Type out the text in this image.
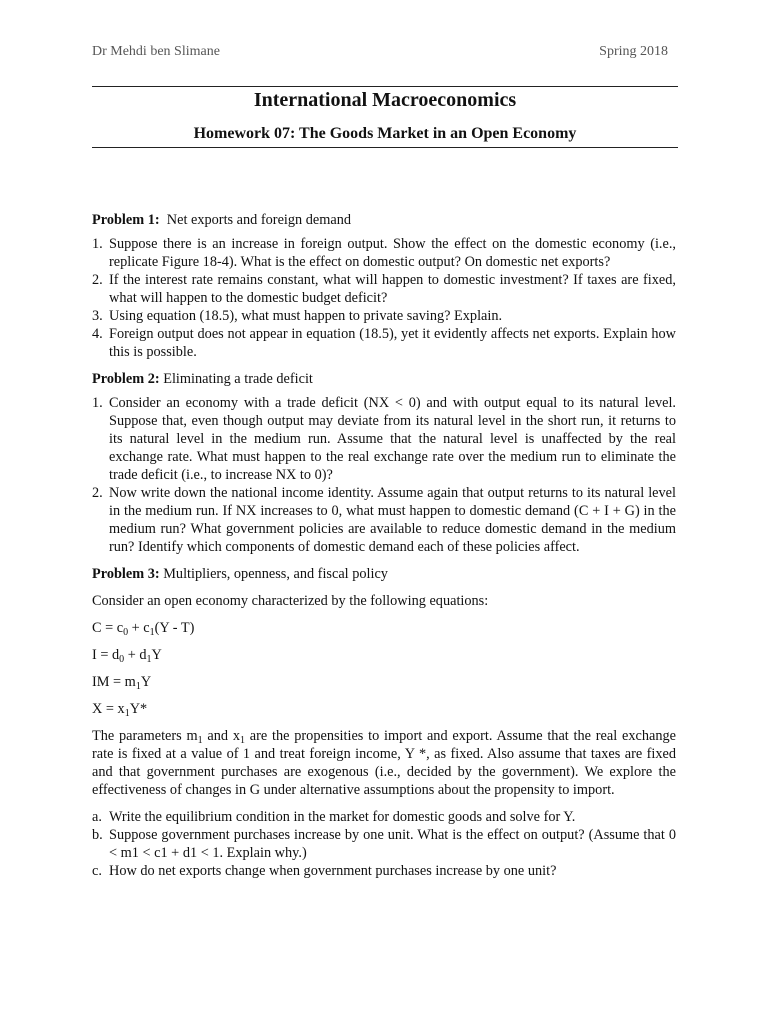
Dr Mehdi ben Slimane	Spring 2018
International Macroeconomics
Homework 07: The Goods Market in an Open Economy

Problem 1: Net exports and foreign demand

1. Suppose there is an increase in foreign output. Show the effect on the domestic economy (i.e., replicate Figure 18-4). What is the effect on domestic output? On domestic net exports?
2. If the interest rate remains constant, what will happen to domestic investment? If taxes are fixed, what will happen to the domestic budget deficit?
3. Using equation (18.5), what must happen to private saving? Explain.
4. Foreign output does not appear in equation (18.5), yet it evidently affects net exports. Explain how this is possible.

Problem 2: Eliminating a trade deficit

1. Consider an economy with a trade deficit (NX < 0) and with output equal to its natural level. Suppose that, even though output may deviate from its natural level in the short run, it returns to its natural level in the medium run. Assume that the natural level is unaffected by the real exchange rate. What must happen to the real exchange rate over the medium run to eliminate the trade deficit (i.e., to increase NX to 0)?
2. Now write down the national income identity. Assume again that output returns to its natural level in the medium run. If NX increases to 0, what must happen to domestic demand (C + I + G) in the medium run? What government policies are available to reduce domestic demand in the medium run? Identify which components of domestic demand each of these policies affect.

Problem 3: Multipliers, openness, and fiscal policy

Consider an open economy characterized by the following equations:

$C = c_0 + c_1(Y - T)$

$I = d_0 + d_1Y$

IM = $m_1Y$

$X = x_1Y*$

The parameters $m_1$ and $x_1$ are the propensities to import and export. Assume that the real exchange rate is fixed at a value of 1 and treat foreign income, Y *, as fixed. Also assume that taxes are fixed and that government purchases are exogenous (i.e., decided by the government). We explore the effectiveness of changes in G under alternative assumptions about the propensity to import.

a. Write the equilibrium condition in the market for domestic goods and solve for Y.
b. Suppose government purchases increase by one unit. What is the effect on output? (Assume that 0 < m1 < c1 + d1 < 1. Explain why.)
c. How do net exports change when government purchases increase by one unit?
